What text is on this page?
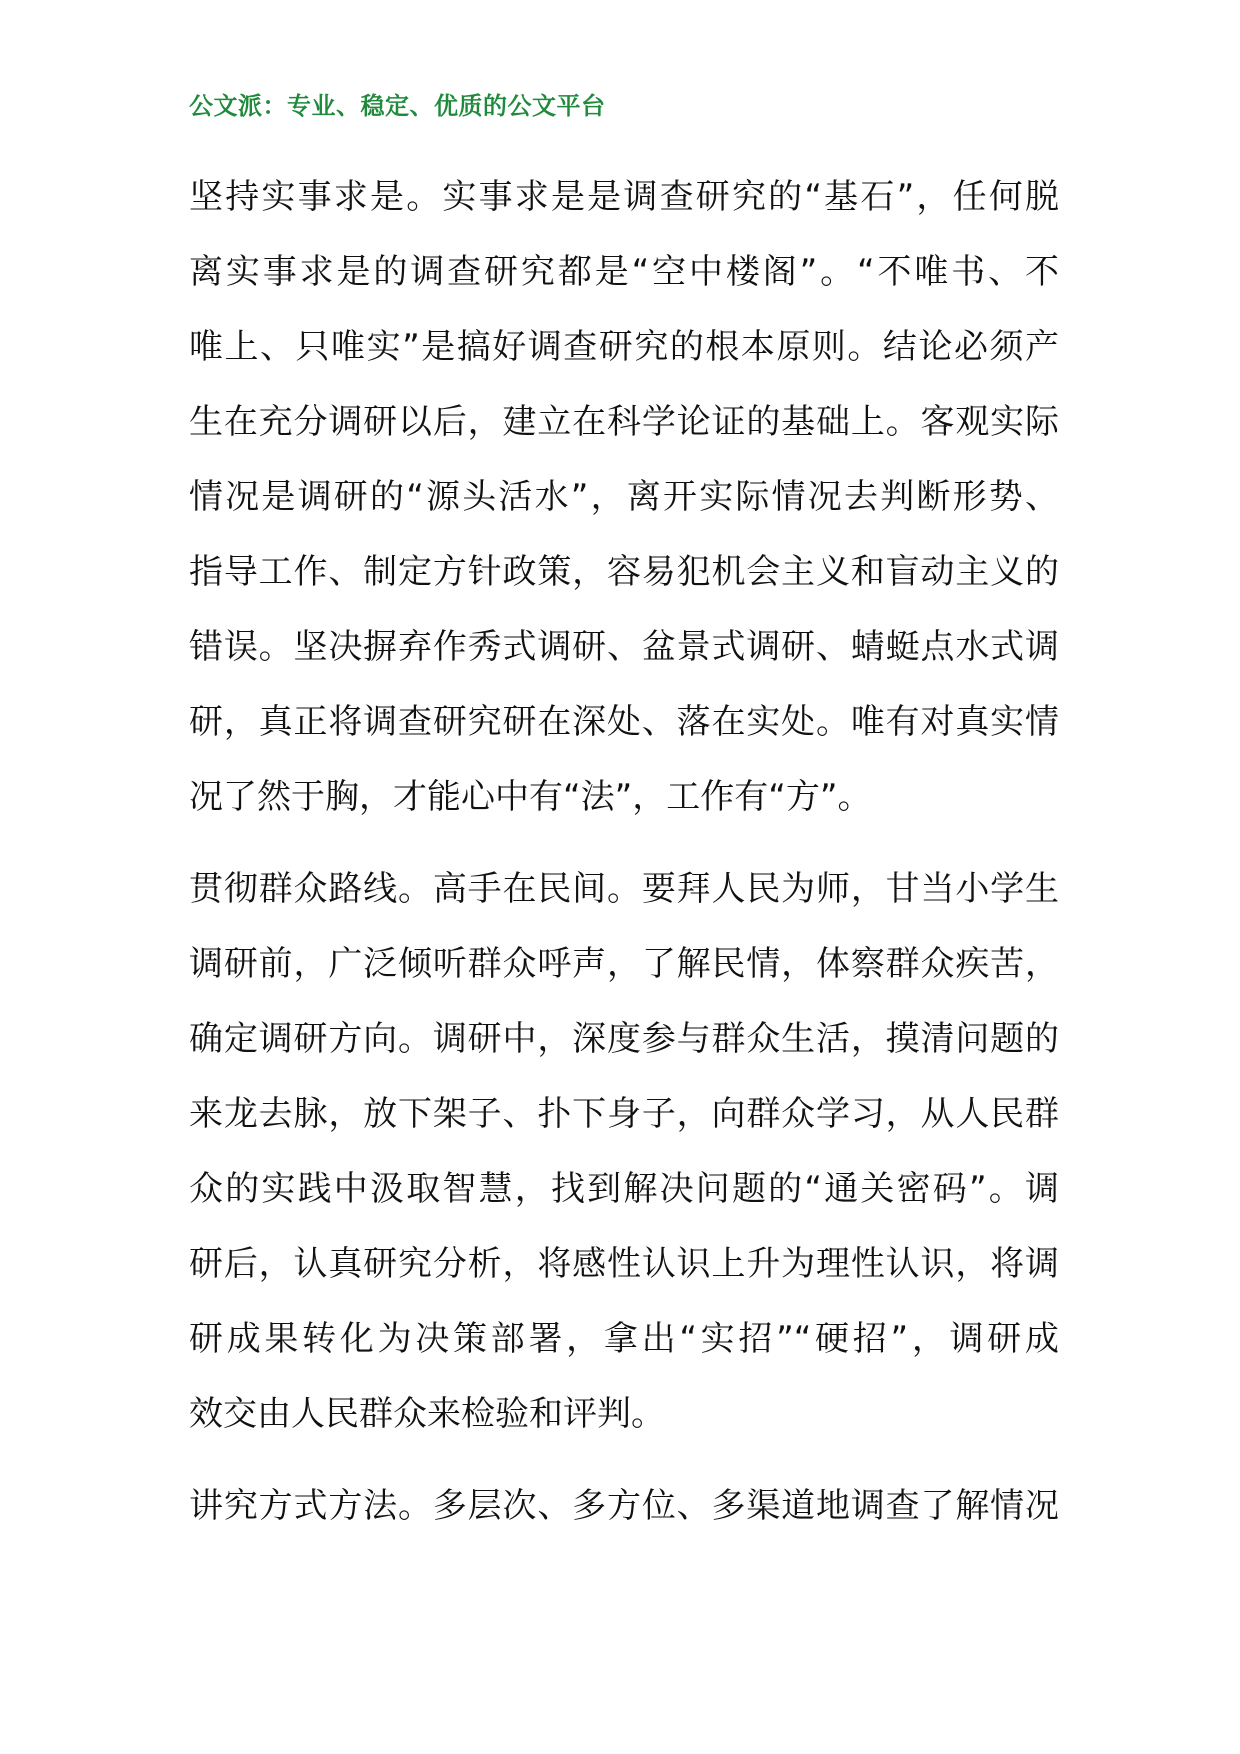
公文派：专业、稳定、优质的公文平台
坚持实事求是。实事求是是调查研究的“基石”，任何脱
离实事求是的调查研究都是“空中楼阁”。“不唯书、不
唯上、只唯实”是搞好调查研究的根本原则。结论必须产
生在充分调研以后，建立在科学论证的基础上。客观实际
情况是调研的“源头活水”，离开实际情况去判断形势、
指导工作、制定方针政策，容易犯机会主义和盲动主义的
错误。坚决摒弃作秀式调研、盆景式调研、蜻蜓点水式调
研，真正将调查研究研在深处、落在实处。唯有对真实情
况了然于胸，才能心中有“法”，工作有“方”。
贯彻群众路线。高手在民间。要拜人民为师，甘当小学生
调研前，广泛倾听群众呼声，了解民情，体察群众疾苦，
确定调研方向。调研中，深度参与群众生活，摸清问题的
来龙去脉，放下架子、扑下身子，向群众学习，从人民群
众的实践中汲取智慧，找到解决问题的“通关密码”。调
研后，认真研究分析，将感性认识上升为理性认识，将调
研成果转化为决策部署，拿出“实招”“硬招”，调研成
效交由人民群众来检验和评判。
讲究方式方法。多层次、多方位、多渠道地调查了解情况
